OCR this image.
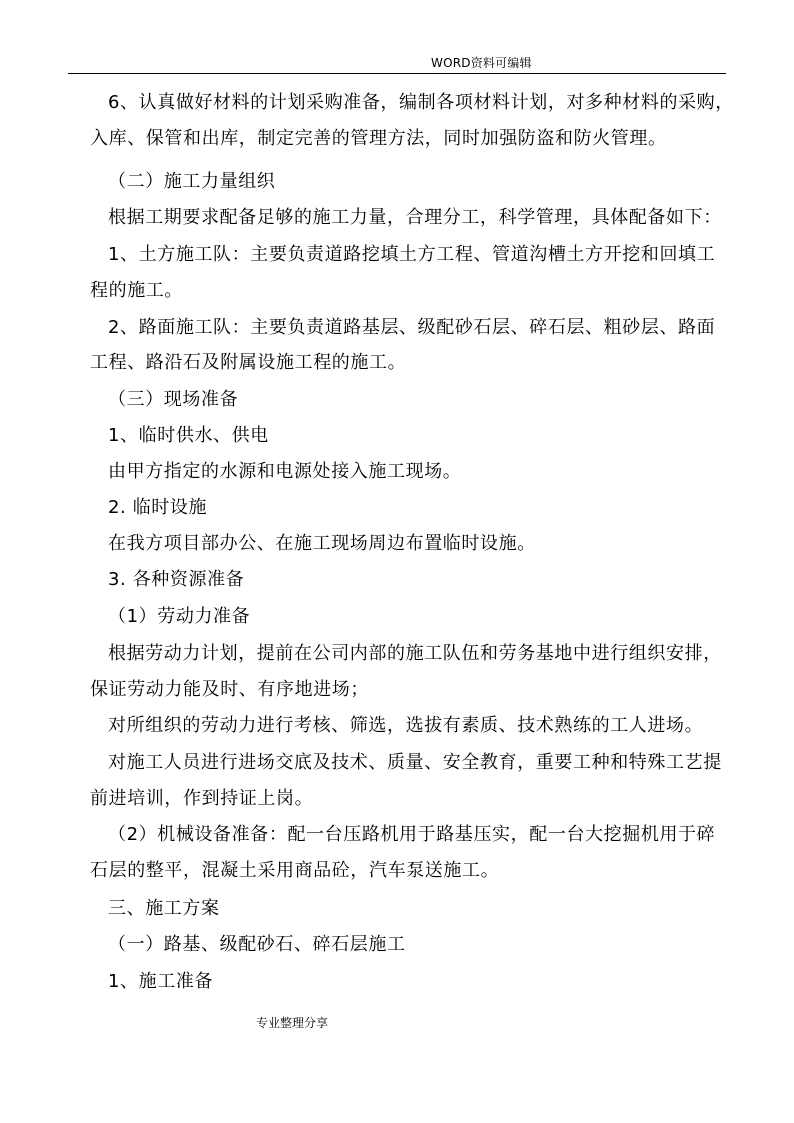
WORD资料可编辑
6、认真做好材料的计划采购准备，编制各项材料计划，对多种材料的采购，
入库、保管和出库，制定完善的管理方法，同时加强防盗和防火管理。
（二）施工力量组织
根据工期要求配备足够的施工力量，合理分工，科学管理，具体配备如下：
1、土方施工队：主要负责道路挖填土方工程、管道沟槽土方开挖和回填工
程的施工。
2、路面施工队：主要负责道路基层、级配砂石层、碎石层、粗砂层、路面
工程、路沿石及附属设施工程的施工。
（三）现场准备
1、临时供水、供电
由甲方指定的水源和电源处接入施工现场。
2. 临时设施
在我方项目部办公、在施工现场周边布置临时设施。
3. 各种资源准备
（1）劳动力准备
根据劳动力计划，提前在公司内部的施工队伍和劳务基地中进行组织安排，
保证劳动力能及时、有序地进场；
对所组织的劳动力进行考核、筛选，选拔有素质、技术熟练的工人进场。
对施工人员进行进场交底及技术、质量、安全教育，重要工种和特殊工艺提
前进培训，作到持证上岗。
（2）机械设备准备：配一台压路机用于路基压实，配一台大挖掘机用于碎
石层的整平，混凝土采用商品砼，汽车泵送施工。
三、施工方案
（一）路基、级配砂石、碎石层施工
1、施工准备
专业整理分享
